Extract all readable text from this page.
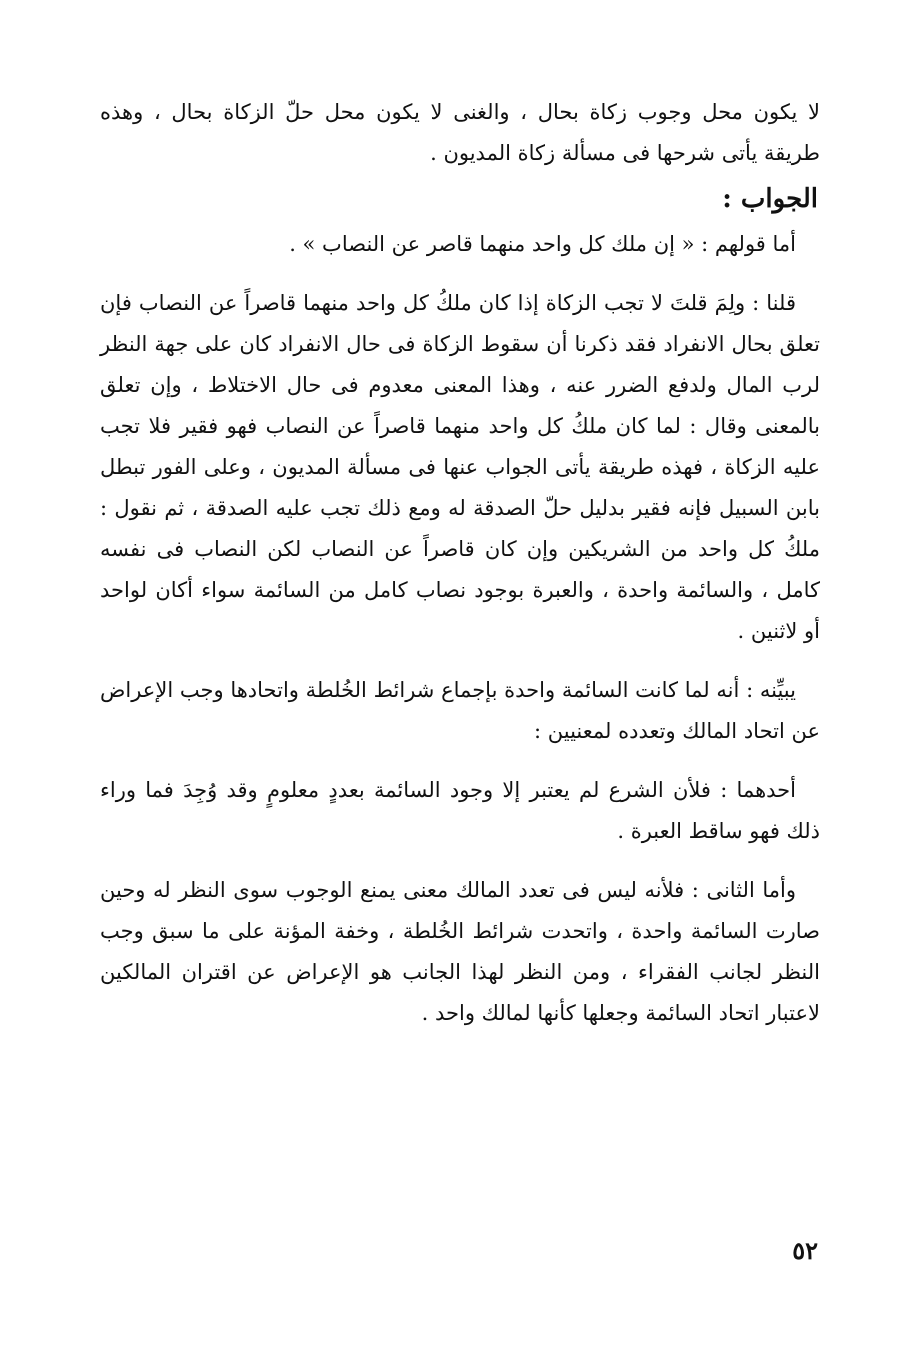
لا يكون محل وجوب زكاة بحال ، والغنى لا يكون محل حلّ الزكاة بحال ، وهذه طريقة يأتى شرحها فى مسألة زكاة المديون .

الجواب :

أما قولهم : « إن ملك كل واحد منهما قاصر عن النصاب » .

قلنا : ولِمَ قلتَ لا تجب الزكاة إذا كان ملكُ كل واحد منهما قاصراً عن النصاب فإن تعلق بحال الانفراد فقد ذكرنا أن سقوط الزكاة فى حال الانفراد كان على جهة النظر لرب المال ولدفع الضرر عنه ، وهذا المعنى معدوم فى حال الاختلاط ، وإن تعلق بالمعنى وقال : لما كان ملكُ كل واحد منهما قاصراً عن النصاب فهو فقير فلا تجب عليه الزكاة ، فهذه طريقة يأتى الجواب عنها فى مسألة المديون ، وعلى الفور تبطل بابن السبيل فإنه فقير بدليل حلّ الصدقة له ومع ذلك تجب عليه الصدقة ، ثم نقول : ملكُ كل واحد من الشريكين وإن كان قاصراً عن النصاب لكن النصاب فى نفسه كامل ، والسائمة واحدة ، والعبرة بوجود نصاب كامل من السائمة سواء أكان لواحد أو لاثنين .

يبيِّنه : أنه لما كانت السائمة واحدة بإجماع شرائط الخُلطة واتحادها وجب الإعراض عن اتحاد المالك وتعدده لمعنيين :

أحدهما : فلأن الشرع لم يعتبر إلا وجود السائمة بعددٍ معلومٍ وقد وُجِدَ فما وراء ذلك فهو ساقط العبرة .

وأما الثانى : فلأنه ليس فى تعدد المالك معنى يمنع الوجوب سوى النظر له وحين صارت السائمة واحدة ، واتحدت شرائط الخُلطة ، وخفة المؤنة على ما سبق وجب النظر لجانب الفقراء ، ومن النظر لهذا الجانب هو الإعراض عن اقتران المالكين لاعتبار اتحاد السائمة وجعلها كأنها لمالك واحد .

٥٢
